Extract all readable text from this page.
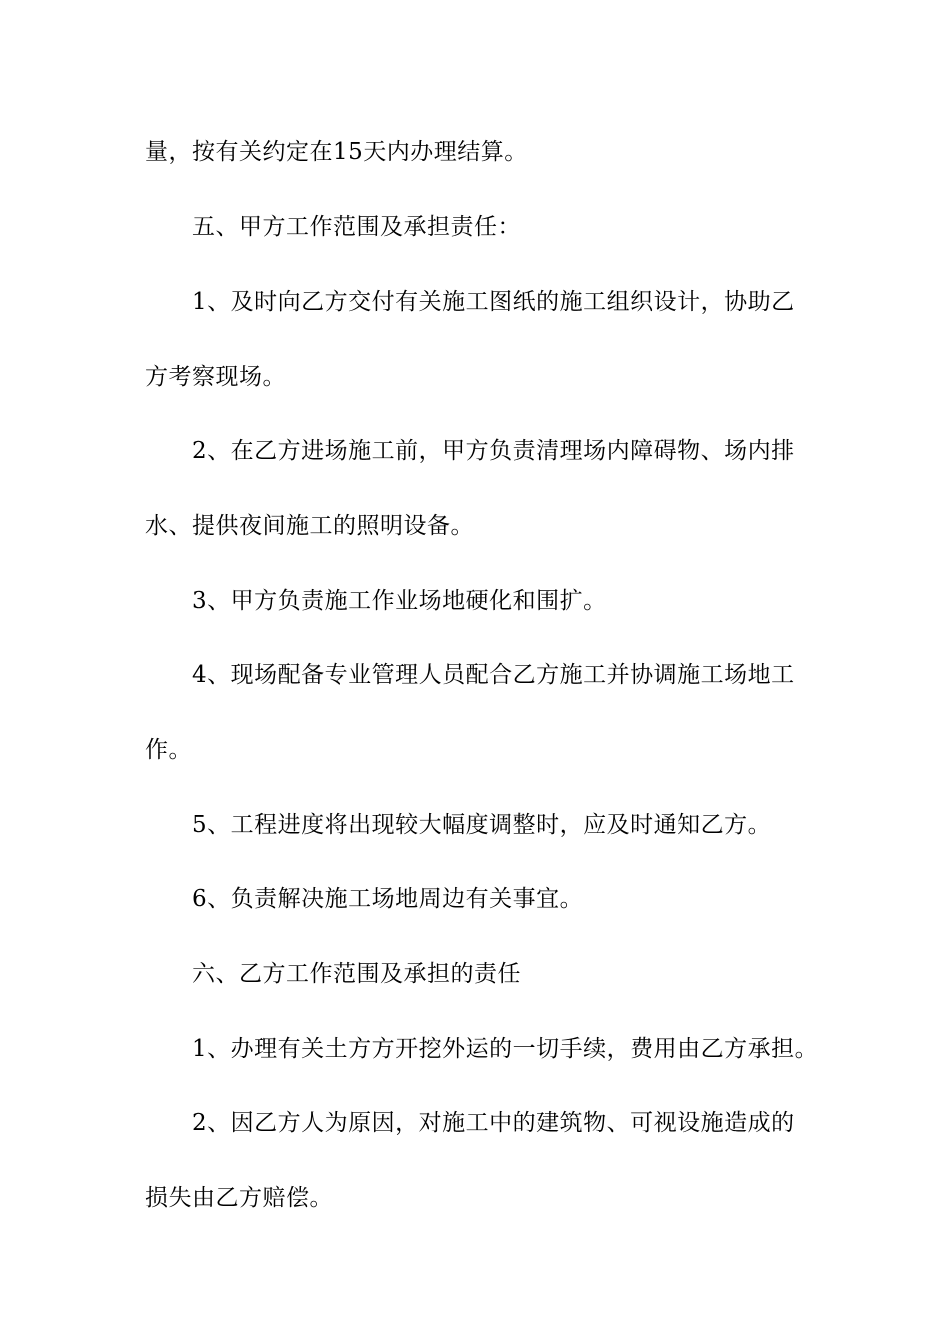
量，按有关约定在15天内办理结算。

五、甲方工作范围及承担责任：

1、及时向乙方交付有关施工图纸的施工组织设计，协助乙

方考察现场。

2、在乙方进场施工前，甲方负责清理场内障碍物、场内排

水、提供夜间施工的照明设备。

3、甲方负责施工作业场地硬化和围扩。

4、现场配备专业管理人员配合乙方施工并协调施工场地工

作。

5、工程进度将出现较大幅度调整时，应及时通知乙方。

6、负责解决施工场地周边有关事宜。

六、乙方工作范围及承担的责任

1、办理有关土方方开挖外运的一切手续，费用由乙方承担。

2、因乙方人为原因，对施工中的建筑物、可视设施造成的

损失由乙方赔偿。
